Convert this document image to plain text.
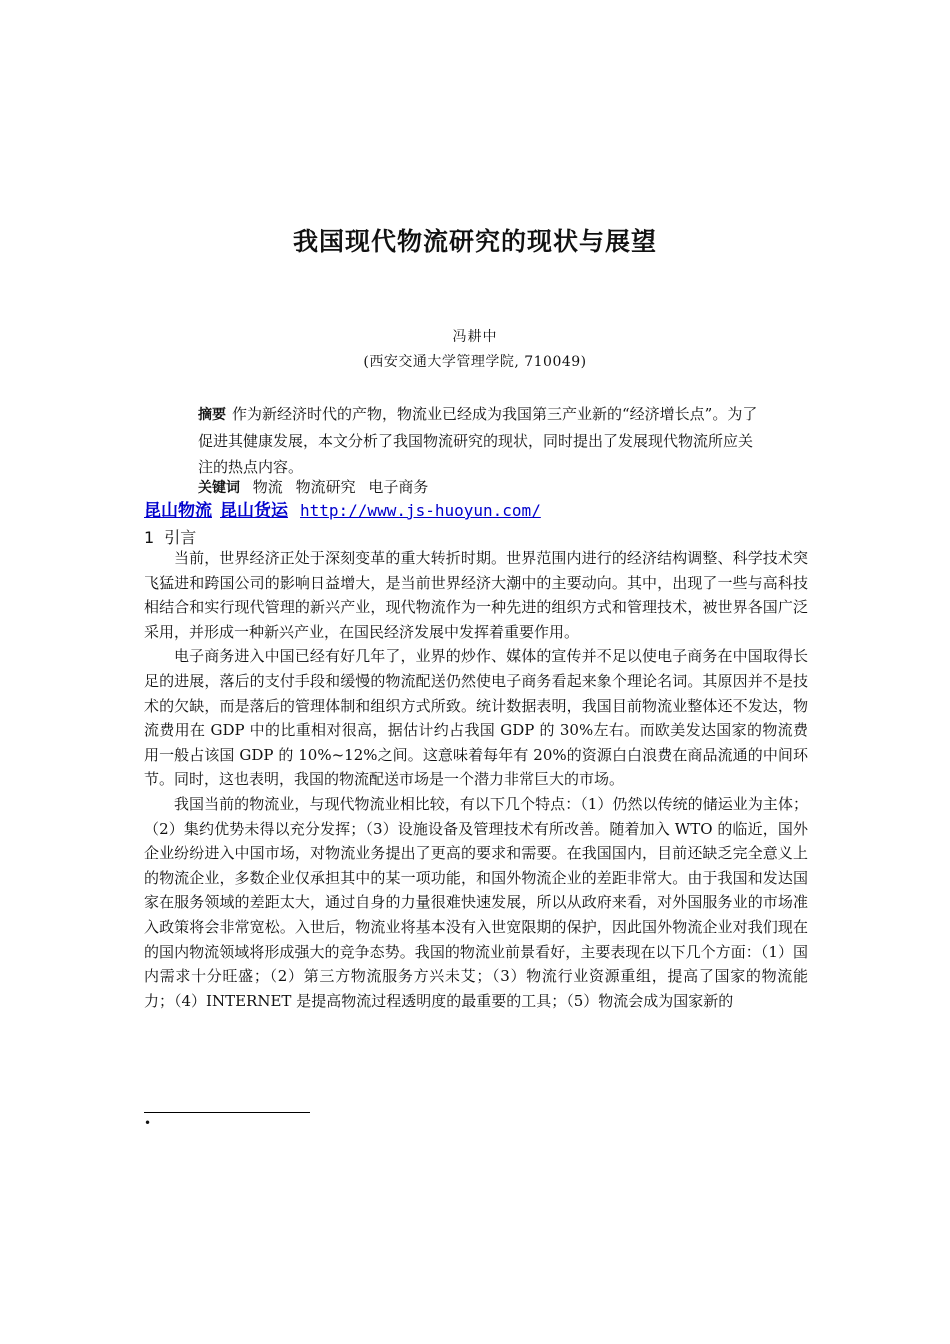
我国现代物流研究的现状与展望
冯耕中
(西安交通大学管理学院, 710049)
摘要 作为新经济时代的产物，物流业已经成为我国第三产业新的“经济增长点”。为了促进其健康发展，本文分析了我国物流研究的现状，同时提出了发展现代物流所应关注的热点内容。
关键词 物流 物流研究 电子商务
昆山物流 昆山货运 http://www.js-huoyun.com/
1 引言

当前，世界经济正处于深刻变革的重大转折时期。世界范围内进行的经济结构调整、科学技术突飞猛进和跨国公司的影响日益增大，是当前世界经济大潮中的主要动向。其中，出现了一些与高科技相结合和实行现代管理的新兴产业，现代物流作为一种先进的组织方式和管理技术，被世界各国广泛采用，并形成一种新兴产业，在国民经济发展中发挥着重要作用。

电子商务进入中国已经有好几年了，业界的炒作、媒体的宣传并不足以使电子商务在中国取得长足的进展，落后的支付手段和缓慢的物流配送仍然使电子商务看起来象个理论名词。其原因并不是技术的欠缺，而是落后的管理体制和组织方式所致。统计数据表明，我国目前物流业整体还不发达，物流费用在 GDP 中的比重相对很高，据估计约占我国 GDP 的 30%左右。而欧美发达国家的物流费用一般占该国 GDP 的 10%~12%之间。这意味着每年有 20%的资源白白浪费在商品流通的中间环节。同时，这也表明，我国的物流配送市场是一个潜力非常巨大的市场。

我国当前的物流业，与现代物流业相比较，有以下几个特点：（1）仍然以传统的储运业为主体；（2）集约优势未得以充分发挥；（3）设施设备及管理技术有所改善。随着加入 WTO 的临近，国外企业纷纷进入中国市场，对物流业务提出了更高的要求和需要。在我国国内，目前还缺乏完全意义上的物流企业，多数企业仅承担其中的某一项功能，和国外物流企业的差距非常大。由于我国和发达国家在服务领域的差距太大，通过自身的力量很难快速发展，所以从政府来看，对外国服务业的市场准入政策将会非常宽松。入世后，物流业将基本没有入世宽限期的保护，因此国外物流企业对我们现在的国内物流领域将形成强大的竞争态势。我国的物流业前景看好，主要表现在以下几个方面：（1）国内需求十分旺盛；（2）第三方物流服务方兴未艾；（3）物流行业资源重组，提高了国家的物流能力；（4）INTERNET 是提高物流过程透明度的最重要的工具；（5）物流会成为国家新的

•
